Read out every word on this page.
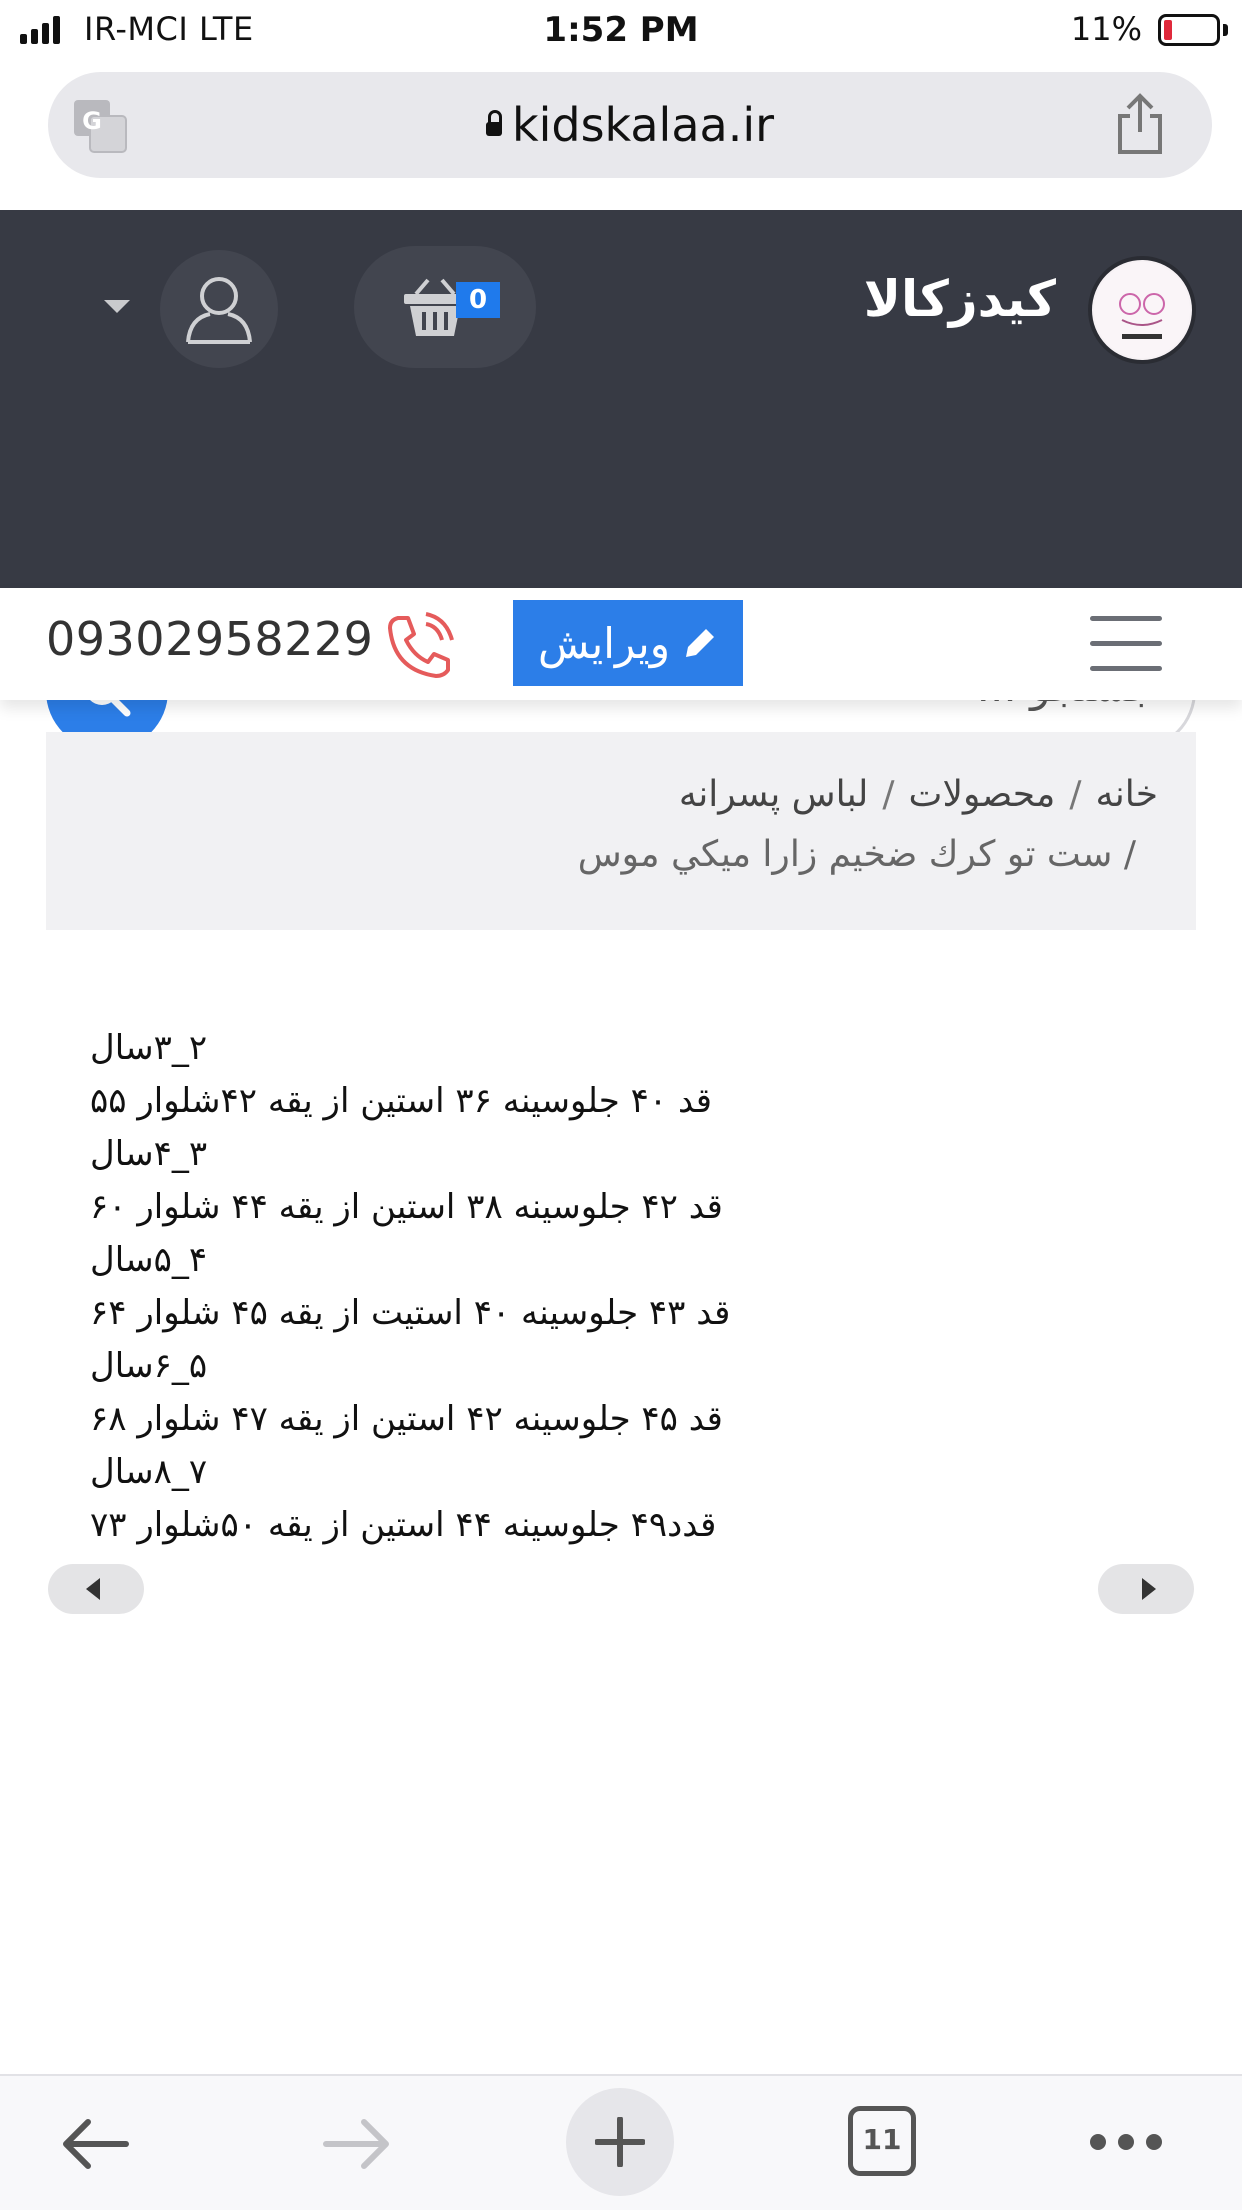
IR-MCI LTE	1:52 PM	11%
G	kidskalaa.ir
کیدزکالا
0
جستجو ...
09302958229	ویرایش
خانه/محصولات/لباس پسرانه
/ ست تو کرك ضخیم زارا میکي موس
۲_۳سال
قد ۴۰ جلوسینه ۳۶ استین از یقه ۴۲شلوار ۵۵
۳_۴سال
قد ۴۲ جلوسینه ۳۸ استین از یقه ۴۴ شلوار ۶۰
۴_۵سال
قد ۴۳ جلوسینه ۴۰ استیت از یقه ۴۵ شلوار ۶۴
۵_۶سال
قد ۴۵ جلوسینه ۴۲ استین از یقه ۴۷ شلوار ۶۸
۷_۸سال
قدد۴۹ جلوسینه ۴۴ استین از یقه ۵۰شلوار ۷۳
11
